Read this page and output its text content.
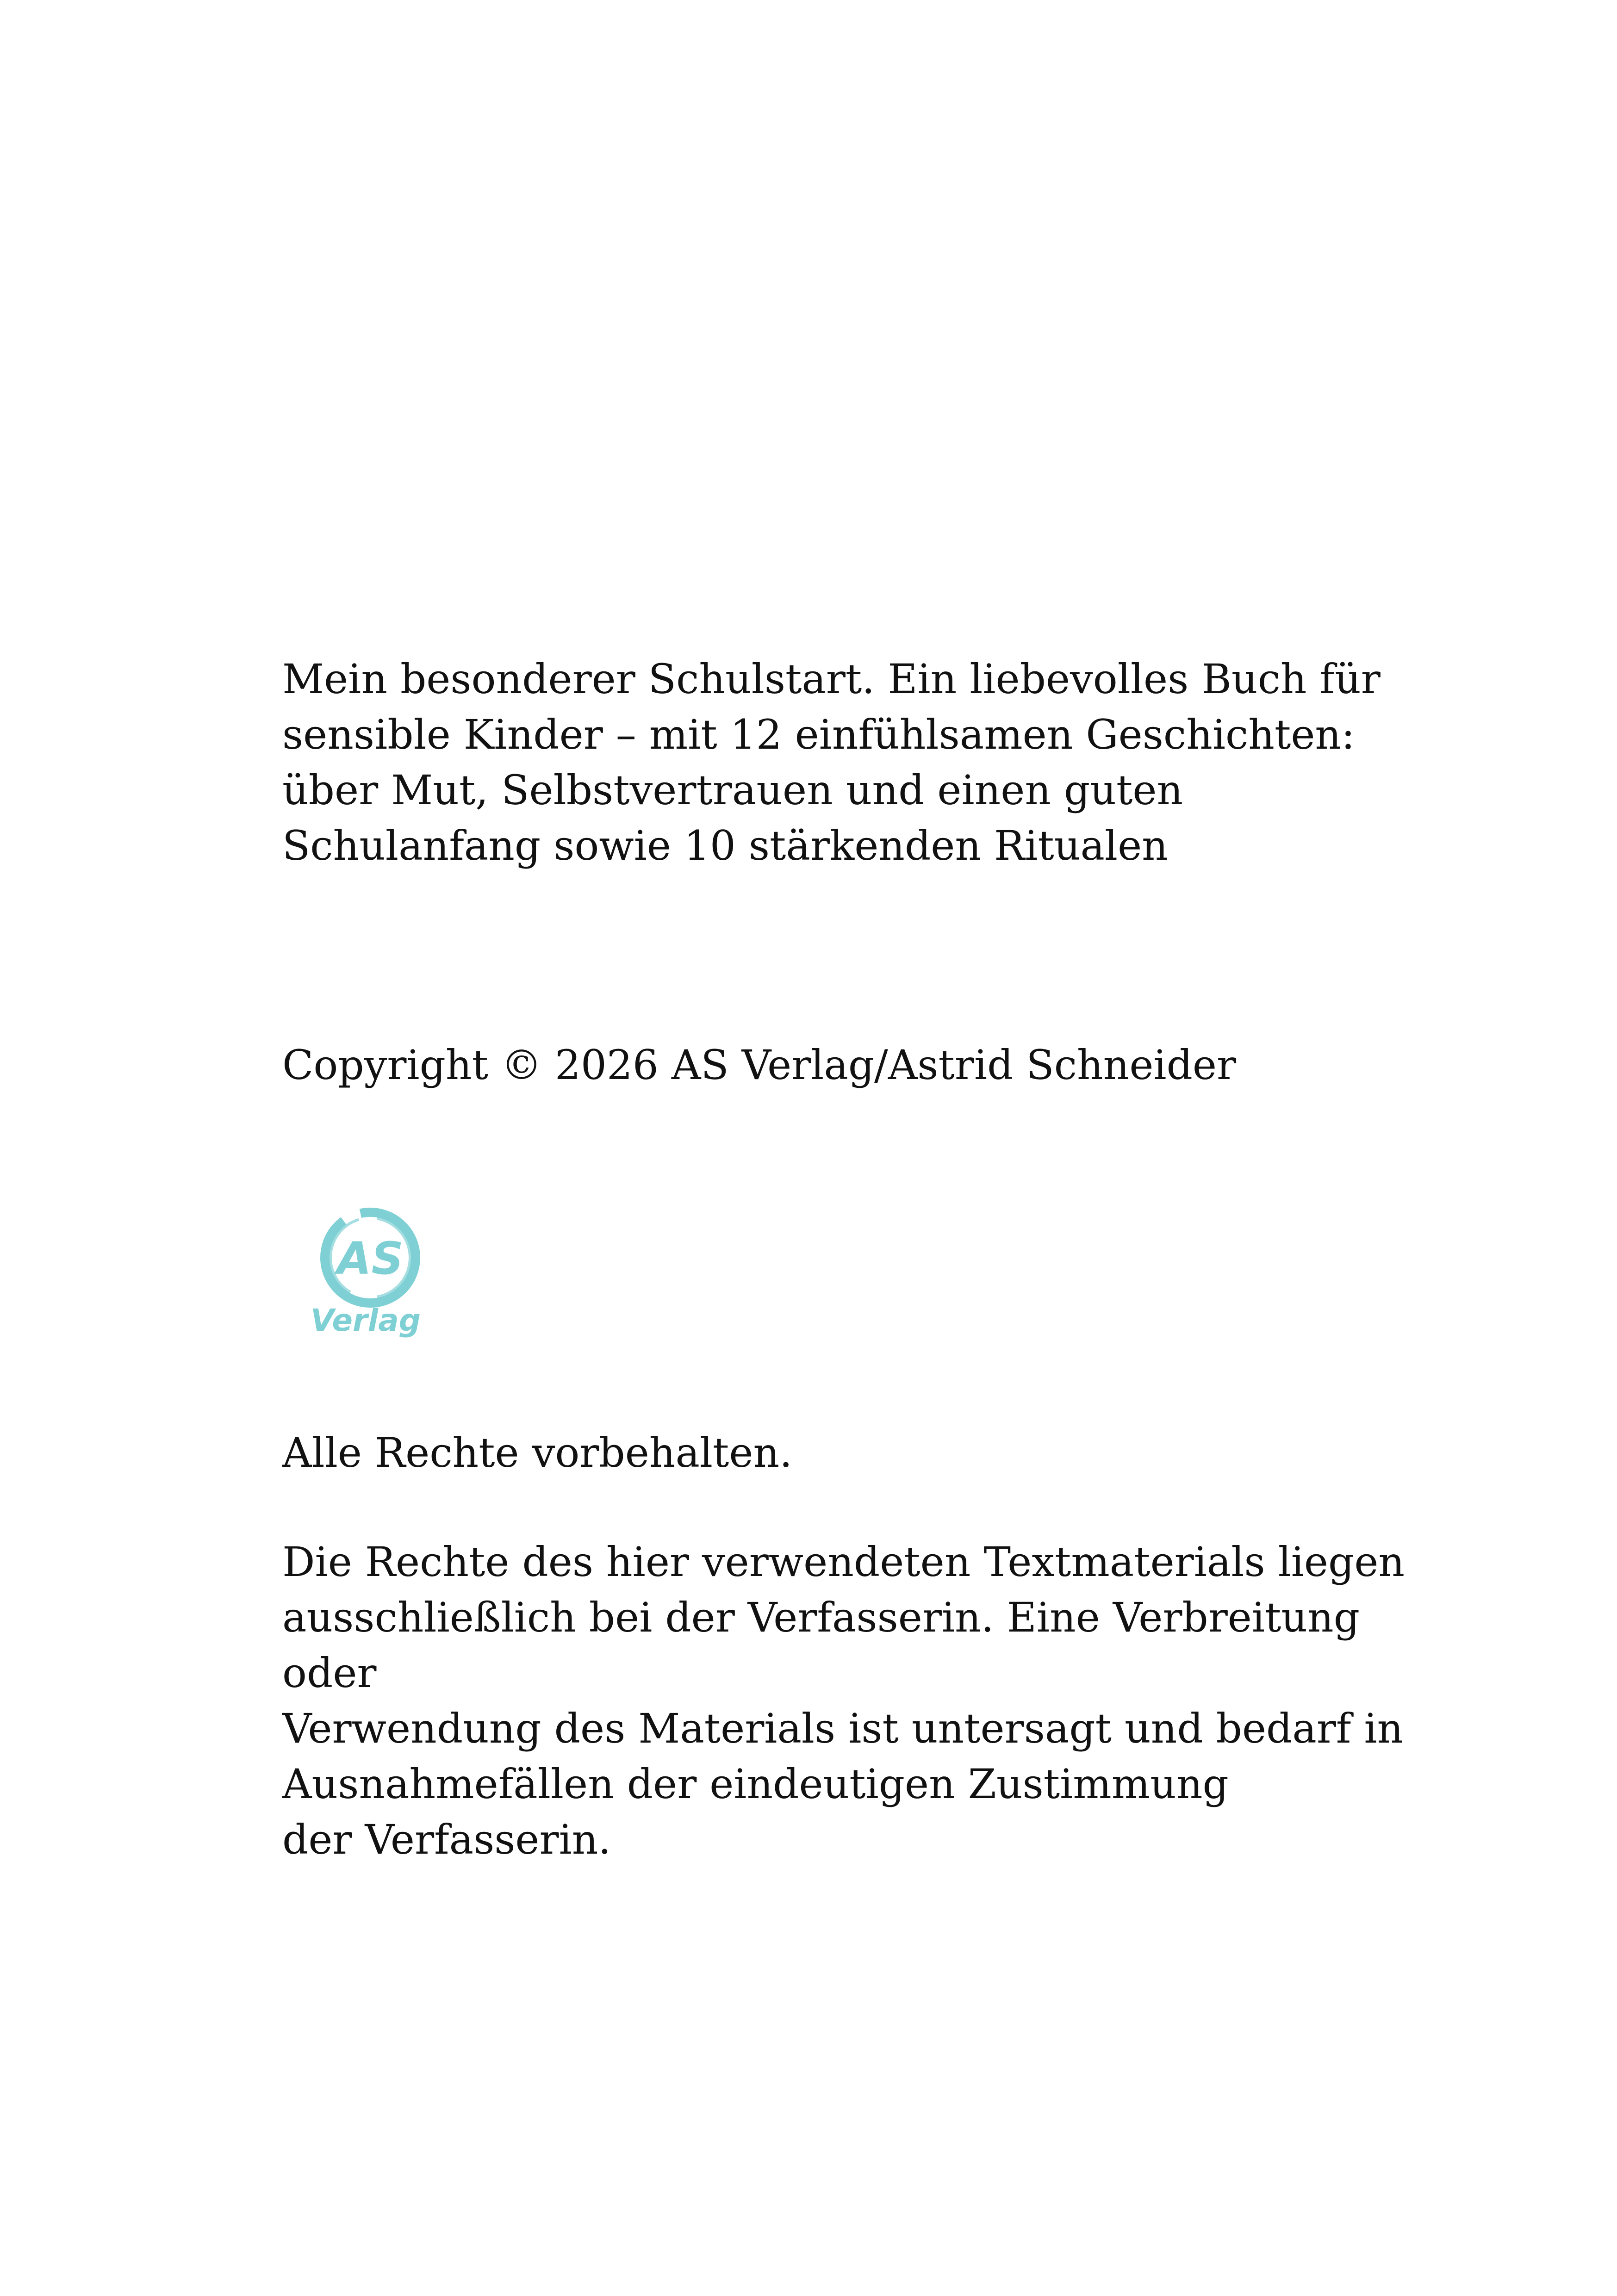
Mein besonderer Schulstart. Ein liebevolles Buch für
sensible Kinder – mit 12 einfühlsamen Geschichten:
über Mut, Selbstvertrauen und einen guten
Schulanfang sowie 10 stärkenden Ritualen

Copyright © 2026 AS Verlag/Astrid Schneider

AS
Verlag

Alle Rechte vorbehalten.

Die Rechte des hier verwendeten Textmaterials liegen
ausschließlich bei der Verfasserin. Eine Verbreitung
oder
Verwendung des Materials ist untersagt und bedarf in
Ausnahmefällen der eindeutigen Zustimmung
der Verfasserin.
